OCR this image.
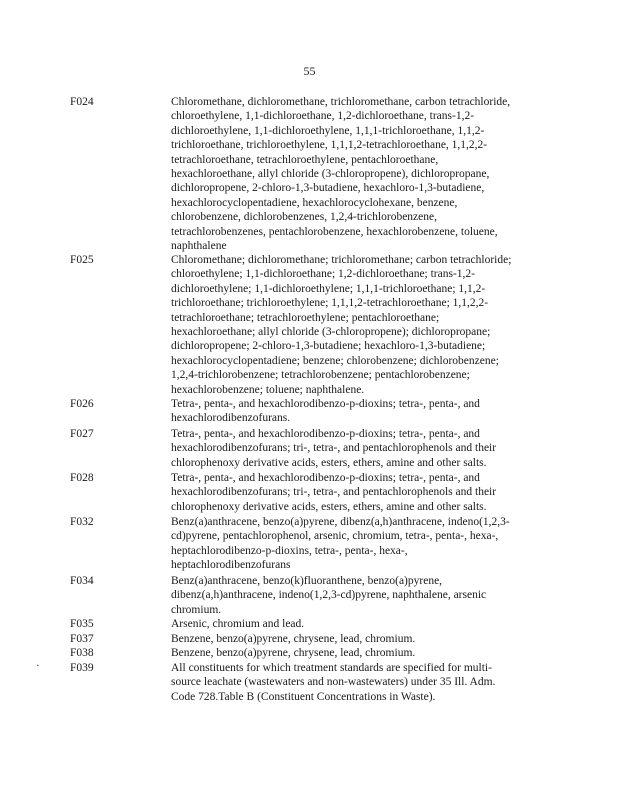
55
F024	Chloromethane, dichloromethane, trichloromethane, carbon tetrachloride,
chloroethylene, 1,1-dichloroethane, 1,2-dichloroethane, trans-1,2-
dichloroethylene, 1,1-dichloroethylene, 1,1,1-trichloroethane, 1,1,2-
trichloroethane, trichloroethylene, 1,1,1,2-tetrachloroethane, 1,1,2,2-
tetrachloroethane, tetrachloroethylene, pentachloroethane,
hexachloroethane, allyl chloride (3-chloropropene), dichloropropane,
dichloropropene, 2-chloro-1,3-butadiene, hexachloro-1,3-butadiene,
hexachlorocyclopentadiene, hexachlorocyclohexane, benzene,
chlorobenzene, dichlorobenzenes, 1,2,4-trichlorobenzene,
tetrachlorobenzenes, pentachlorobenzene, hexachlorobenzene, toluene,
naphthalene
F025	Chloromethane; dichloromethane; trichloromethane; carbon tetrachloride;
chloroethylene; 1,1-dichloroethane; 1,2-dichloroethane; trans-1,2-
dichloroethylene; 1,1-dichloroethylene; 1,1,1-trichloroethane; 1,1,2-
trichloroethane; trichloroethylene; 1,1,1,2-tetrachloroethane; 1,1,2,2-
tetrachloroethane; tetrachloroethylene; pentachloroethane;
hexachloroethane; allyl chloride (3-chloropropene); dichloropropane;
dichloropropene; 2-chloro-1,3-butadiene; hexachloro-1,3-butadiene;
hexachlorocyclopentadiene; benzene; chlorobenzene; dichlorobenzene;
1,2,4-trichlorobenzene; tetrachlorobenzene; pentachlorobenzene;
hexachlorobenzene; toluene; naphthalene.
F026	Tetra-, penta-, and hexachlorodibenzo-p-dioxins; tetra-, penta-, and
hexachlorodibenzofurans.
F027	Tetra-, penta-, and hexachlorodibenzo-p-dioxins; tetra-, penta-, and
hexachlorodibenzofurans; tri-, tetra-, and pentachlorophenols and their
chlorophenoxy derivative acids, esters, ethers, amine and other salts.
F028	Tetra-, penta-, and hexachlorodibenzo-p-dioxins; tetra-, penta-, and
hexachlorodibenzofurans; tri-, tetra-, and pentachlorophenols and their
chlorophenoxy derivative acids, esters, ethers, amine and other salts.
F032	Benz(a)anthracene, benzo(a)pyrene, dibenz(a,h)anthracene, indeno(1,2,3-
cd)pyrene, pentachlorophenol, arsenic, chromium, tetra-, penta-, hexa-,
heptachlorodibenzo-p-dioxins, tetra-, penta-, hexa-,
heptachlorodibenzofurans
F034	Benz(a)anthracene, benzo(k)fluoranthene, benzo(a)pyrene,
dibenz(a,h)anthracene, indeno(1,2,3-cd)pyrene, naphthalene, arsenic
chromium.
F035	Arsenic, chromium and lead.
F037	Benzene, benzo(a)pyrene, chrysene, lead, chromium.
F038	Benzene, benzo(a)pyrene, chrysene, lead, chromium.
·	F039	All constituents for which treatment standards are specified for multi-
source leachate (wastewaters and non-wastewaters) under 35 Ill. Adm.
Code 728.Table B (Constituent Concentrations in Waste).
